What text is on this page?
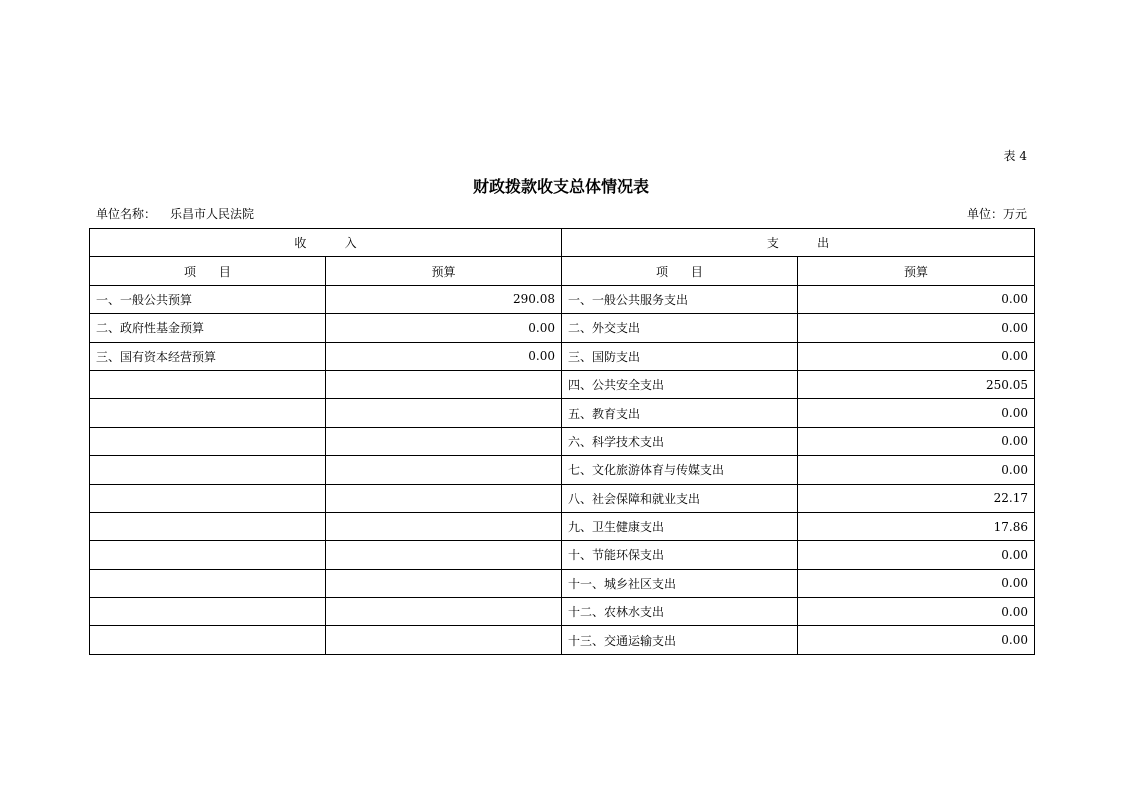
表 4
财政拨款收支总体情况表
单位名称： 乐昌市人民法院	单位：万元
收          入		支          出	
项      目	预算	项      目	预算
一、一般公共预算	290.08	一、一般公共服务支出	0.00
二、政府性基金预算	0.00	二、外交支出	0.00
三、国有资本经营预算	0.00	三、国防支出	0.00
		四、公共安全支出	250.05
		五、教育支出	0.00
		六、科学技术支出	0.00
		七、文化旅游体育与传媒支出	0.00
		八、社会保障和就业支出	22.17
		九、卫生健康支出	17.86
		十、节能环保支出	0.00
		十一、城乡社区支出	0.00
		十二、农林水支出	0.00
		十三、交通运输支出	0.00
